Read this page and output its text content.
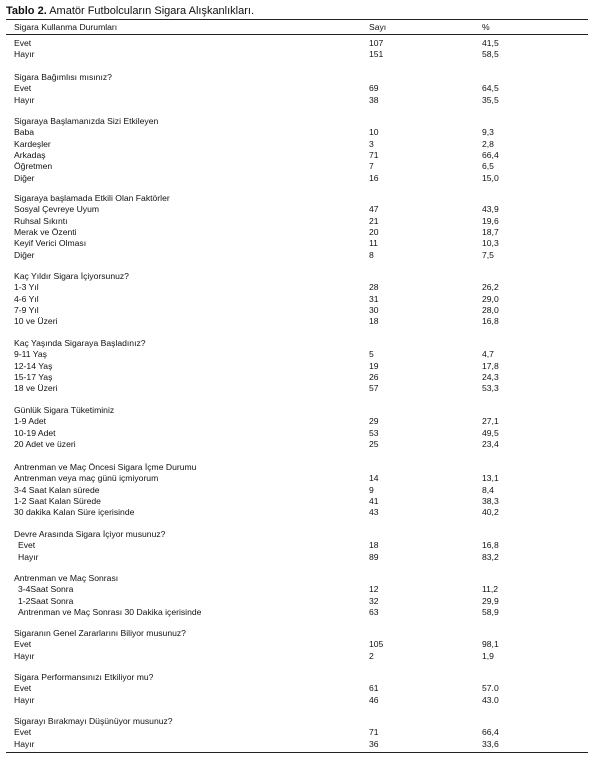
Tablo 2. Amatör Futbolcuların Sigara Alışkanlıkları.
Sigara Kullanma Durumları	Sayı	%
Evet	107	41,5
Hayır	151	58,5
Sigara Bağımlısı mısınız?
Evet	69	64,5
Hayır	38	35,5
Sigaraya Başlamanızda Sizi Etkileyen
Baba	10	9,3
Kardeşler	3	2,8
Arkadaş	71	66,4
Öğretmen	7	6,5
Diğer	16	15,0
Sigaraya başlamada Etkili Olan Faktörler
Sosyal Çevreye Uyum	47	43,9
Ruhsal Sıkıntı	21	19,6
Merak ve Özenti	20	18,7
Keyif Verici Olması	11	10,3
Diğer	8	7,5
Kaç Yıldır Sigara İçiyorsunuz?
1-3 Yıl	28	26,2
4-6 Yıl	31	29,0
7-9 Yıl	30	28,0
10 ve Üzeri	18	16,8
Kaç Yaşında Sigaraya Başladınız?
9-11 Yaş	5	4,7
12-14 Yaş	19	17,8
15-17 Yaş	26	24,3
18 ve Üzeri	57	53,3
Günlük Sigara Tüketiminiz
1-9 Adet	29	27,1
10-19 Adet	53	49,5
20 Adet ve üzeri	25	23,4
Antrenman ve Maç Öncesi Sigara İçme Durumu
Antrenman veya maç günü içmiyorum	14	13,1
3-4 Saat Kalan sürede	9	8,4
1-2 Saat Kalan Sürede	41	38,3
30 dakika Kalan Süre içerisinde	43	40,2
Devre Arasında Sigara İçiyor musunuz?
Evet	18	16,8
Hayır	89	83,2
Antrenman ve Maç Sonrası
3-4Saat Sonra	12	11,2
1-2Saat Sonra	32	29,9
Antrenman ve Maç Sonrası 30 Dakika içerisinde	63	58,9
Sigaranın Genel Zararlarını Biliyor musunuz?
Evet	105	98,1
Hayır	2	1,9
Sigara Performansınızı Etkiliyor mu?
Evet	61	57.0
Hayır	46	43.0
Sigarayı Bırakmayı Düşünüyor musunuz?
Evet	71	66,4
Hayır	36	33,6
